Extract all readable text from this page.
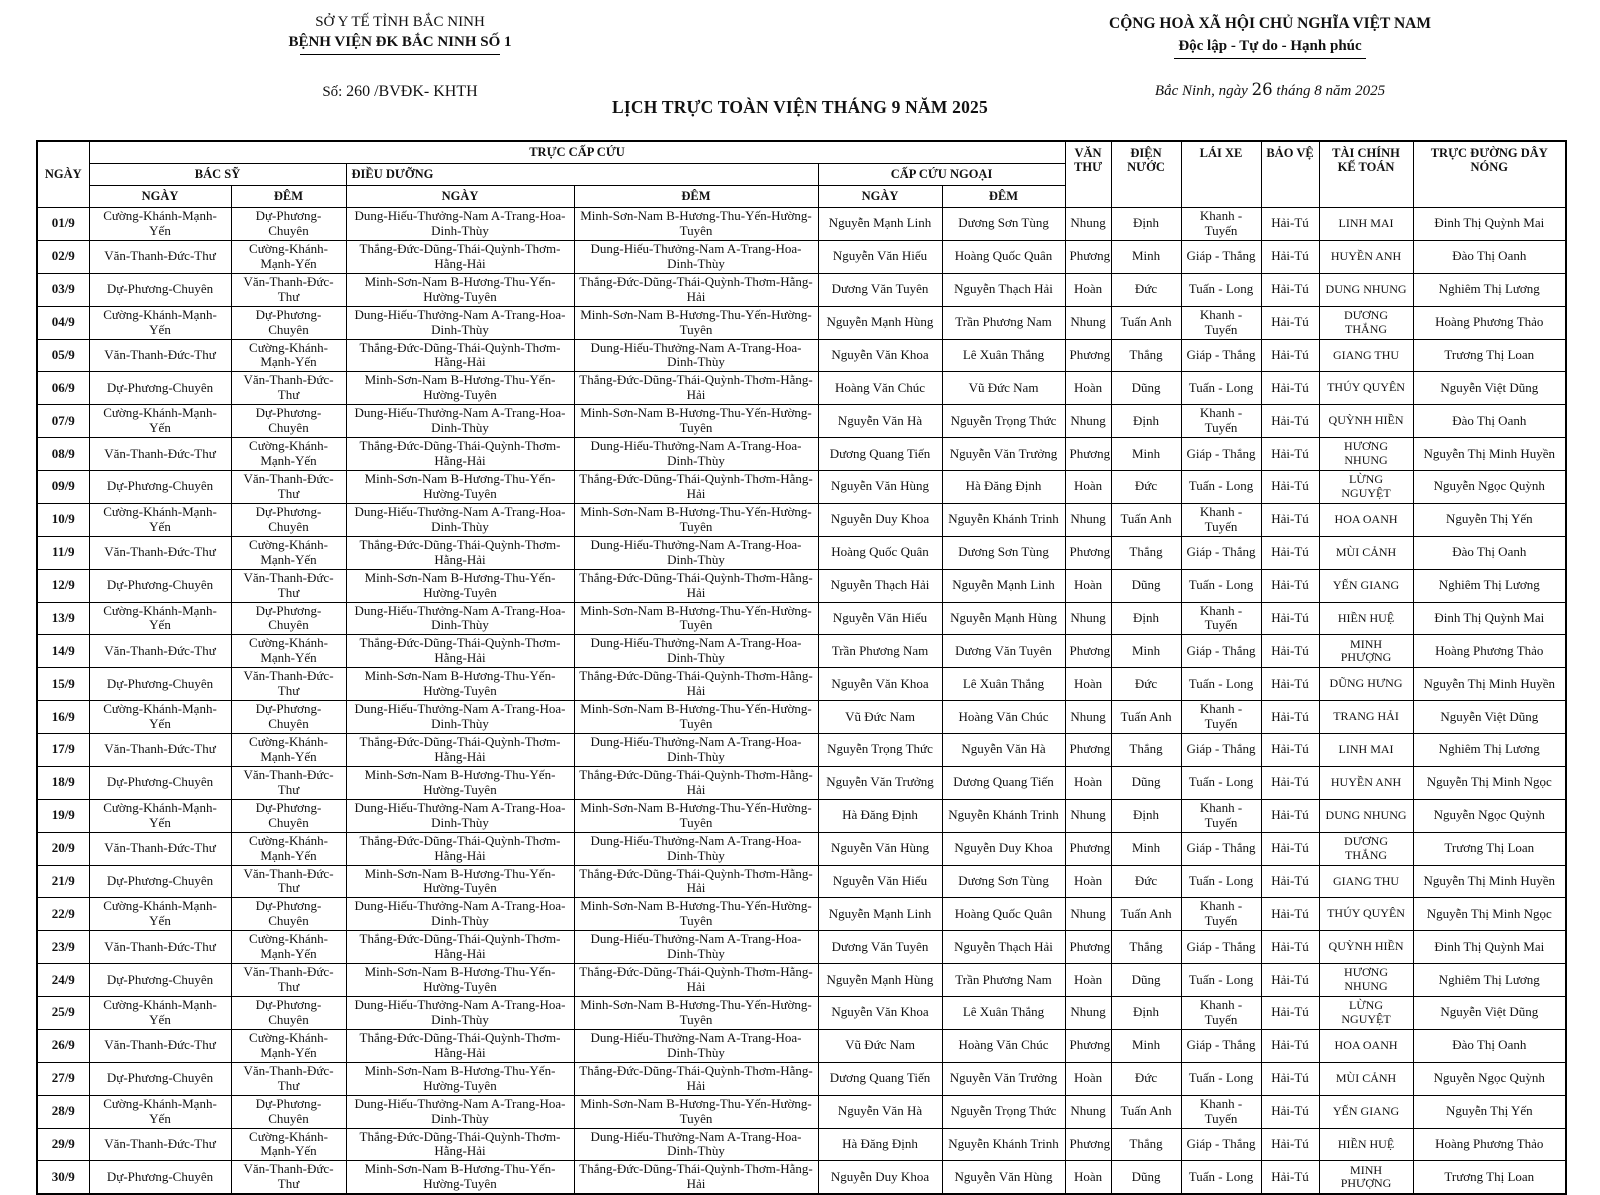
SỞ Y TẾ TỈNH BẮC NINH
BỆNH VIỆN ĐK BẮC NINH SỐ 1
Số: 260 /BVĐK- KHTH
CỘNG HOÀ XÃ HỘI CHỦ NGHĨA VIỆT NAM
Độc lập - Tự do - Hạnh phúc
Bắc Ninh, ngày 26 tháng 8 năm 2025
LỊCH TRỰC TOÀN VIỆN THÁNG 9 NĂM 2025
NGÀY	TRỰC CẤP CỨU						VĂN THƯ	ĐIỆN NƯỚC	LÁI XE	BẢO VỆ	TÀI CHÍNH KẾ TOÁN	TRỰC ĐƯỜNG DÂY NÓNG
	BÁC SỸ		ĐIỀU DƯỠNG		CẤP CỨU NGOẠI							
	NGÀY	ĐÊM	NGÀY	ĐÊM	NGÀY	ĐÊM						
01/9	Cường-Khánh-Mạnh-Yến	Dự-Phương-Chuyên	Dung-Hiếu-Thưởng-Nam A-Trang-Hoa-Dinh-Thùy	Minh-Sơn-Nam B-Hương-Thu-Yến-Hường-Tuyên	Nguyễn Mạnh Linh	Dương Sơn Tùng	Nhung	Định	Khanh - Tuyến	Hải-Tú	LINH MAI	Đinh Thị Quỳnh Mai
02/9	Văn-Thanh-Đức-Thư	Cường-Khánh-Mạnh-Yến	Thắng-Đức-Dũng-Thái-Quỳnh-Thơm-Hằng-Hải	Dung-Hiếu-Thưởng-Nam A-Trang-Hoa-Dinh-Thùy	Nguyễn Văn Hiếu	Hoàng Quốc Quân	Phương	Minh	Giáp - Thắng	Hải-Tú	HUYỀN ANH	Đào Thị Oanh
03/9	Dự-Phương-Chuyên	Văn-Thanh-Đức-Thư	Minh-Sơn-Nam B-Hương-Thu-Yến-Hường-Tuyên	Thắng-Đức-Dũng-Thái-Quỳnh-Thơm-Hằng-Hải	Dương Văn Tuyên	Nguyễn Thạch Hải	Hoàn	Đức	Tuấn - Long	Hải-Tú	DUNG NHUNG	Nghiêm Thị Lương
04/9	Cường-Khánh-Mạnh-Yến	Dự-Phương-Chuyên	Dung-Hiếu-Thưởng-Nam A-Trang-Hoa-Dinh-Thùy	Minh-Sơn-Nam B-Hương-Thu-Yến-Hường-Tuyên	Nguyễn Mạnh Hùng	Trần Phương Nam	Nhung	Tuấn Anh	Khanh - Tuyến	Hải-Tú	DƯƠNG THẮNG	Hoàng Phương Thảo
05/9	Văn-Thanh-Đức-Thư	Cường-Khánh-Mạnh-Yến	Thắng-Đức-Dũng-Thái-Quỳnh-Thơm-Hằng-Hải	Dung-Hiếu-Thưởng-Nam A-Trang-Hoa-Dinh-Thùy	Nguyễn Văn Khoa	Lê Xuân Thắng	Phương	Thắng	Giáp - Thắng	Hải-Tú	GIANG THU	Trương Thị Loan
06/9	Dự-Phương-Chuyên	Văn-Thanh-Đức-Thư	Minh-Sơn-Nam B-Hương-Thu-Yến-Hường-Tuyên	Thắng-Đức-Dũng-Thái-Quỳnh-Thơm-Hằng-Hải	Hoàng Văn Chúc	Vũ Đức Nam	Hoàn	Dũng	Tuấn - Long	Hải-Tú	THÚY QUYÊN	Nguyễn Việt Dũng
07/9	Cường-Khánh-Mạnh-Yến	Dự-Phương-Chuyên	Dung-Hiếu-Thưởng-Nam A-Trang-Hoa-Dinh-Thùy	Minh-Sơn-Nam B-Hương-Thu-Yến-Hường-Tuyên	Nguyễn Văn Hà	Nguyễn Trọng Thức	Nhung	Định	Khanh - Tuyến	Hải-Tú	QUỲNH HIỀN	Đào Thị Oanh
08/9	Văn-Thanh-Đức-Thư	Cường-Khánh-Mạnh-Yến	Thắng-Đức-Dũng-Thái-Quỳnh-Thơm-Hằng-Hải	Dung-Hiếu-Thưởng-Nam A-Trang-Hoa-Dinh-Thùy	Dương Quang Tiến	Nguyễn Văn Trưởng	Phương	Minh	Giáp - Thắng	Hải-Tú	HƯƠNG NHUNG	Nguyễn Thị Minh Huyền
09/9	Dự-Phương-Chuyên	Văn-Thanh-Đức-Thư	Minh-Sơn-Nam B-Hương-Thu-Yến-Hường-Tuyên	Thắng-Đức-Dũng-Thái-Quỳnh-Thơm-Hằng-Hải	Nguyễn Văn Hùng	Hà Đăng Định	Hoàn	Đức	Tuấn - Long	Hải-Tú	LỪNG NGUYỆT	Nguyễn Ngọc Quỳnh
10/9	Cường-Khánh-Mạnh-Yến	Dự-Phương-Chuyên	Dung-Hiếu-Thưởng-Nam A-Trang-Hoa-Dinh-Thùy	Minh-Sơn-Nam B-Hương-Thu-Yến-Hường-Tuyên	Nguyễn Duy Khoa	Nguyễn Khánh Trinh	Nhung	Tuấn Anh	Khanh - Tuyến	Hải-Tú	HOA OANH	Nguyễn Thị Yến
11/9	Văn-Thanh-Đức-Thư	Cường-Khánh-Mạnh-Yến	Thắng-Đức-Dũng-Thái-Quỳnh-Thơm-Hằng-Hải	Dung-Hiếu-Thưởng-Nam A-Trang-Hoa-Dinh-Thùy	Hoàng Quốc Quân	Dương Sơn Tùng	Phương	Thắng	Giáp - Thắng	Hải-Tú	MÙI CẢNH	Đào Thị Oanh
12/9	Dự-Phương-Chuyên	Văn-Thanh-Đức-Thư	Minh-Sơn-Nam B-Hương-Thu-Yến-Hường-Tuyên	Thắng-Đức-Dũng-Thái-Quỳnh-Thơm-Hằng-Hải	Nguyễn Thạch Hải	Nguyễn Mạnh Linh	Hoàn	Dũng	Tuấn - Long	Hải-Tú	YẾN GIANG	Nghiêm Thị Lương
13/9	Cường-Khánh-Mạnh-Yến	Dự-Phương-Chuyên	Dung-Hiếu-Thưởng-Nam A-Trang-Hoa-Dinh-Thùy	Minh-Sơn-Nam B-Hương-Thu-Yến-Hường-Tuyên	Nguyễn Văn Hiếu	Nguyễn Mạnh Hùng	Nhung	Định	Khanh - Tuyến	Hải-Tú	HIỀN HUỆ	Đinh Thị Quỳnh Mai
14/9	Văn-Thanh-Đức-Thư	Cường-Khánh-Mạnh-Yến	Thắng-Đức-Dũng-Thái-Quỳnh-Thơm-Hằng-Hải	Dung-Hiếu-Thưởng-Nam A-Trang-Hoa-Dinh-Thùy	Trần Phương Nam	Dương Văn Tuyên	Phương	Minh	Giáp - Thắng	Hải-Tú	MINH PHƯỢNG	Hoàng Phương Thảo
15/9	Dự-Phương-Chuyên	Văn-Thanh-Đức-Thư	Minh-Sơn-Nam B-Hương-Thu-Yến-Hường-Tuyên	Thắng-Đức-Dũng-Thái-Quỳnh-Thơm-Hằng-Hải	Nguyễn Văn Khoa	Lê Xuân Thắng	Hoàn	Đức	Tuấn - Long	Hải-Tú	DŨNG HƯNG	Nguyễn Thị Minh Huyền
16/9	Cường-Khánh-Mạnh-Yến	Dự-Phương-Chuyên	Dung-Hiếu-Thưởng-Nam A-Trang-Hoa-Dinh-Thùy	Minh-Sơn-Nam B-Hương-Thu-Yến-Hường-Tuyên	Vũ Đức Nam	Hoàng Văn Chúc	Nhung	Tuấn Anh	Khanh - Tuyến	Hải-Tú	TRANG HẢI	Nguyễn Việt Dũng
17/9	Văn-Thanh-Đức-Thư	Cường-Khánh-Mạnh-Yến	Thắng-Đức-Dũng-Thái-Quỳnh-Thơm-Hằng-Hải	Dung-Hiếu-Thưởng-Nam A-Trang-Hoa-Dinh-Thùy	Nguyễn Trọng Thức	Nguyễn Văn Hà	Phương	Thắng	Giáp - Thắng	Hải-Tú	LINH MAI	Nghiêm Thị Lương
18/9	Dự-Phương-Chuyên	Văn-Thanh-Đức-Thư	Minh-Sơn-Nam B-Hương-Thu-Yến-Hường-Tuyên	Thắng-Đức-Dũng-Thái-Quỳnh-Thơm-Hằng-Hải	Nguyễn Văn Trưởng	Dương Quang Tiến	Hoàn	Dũng	Tuấn - Long	Hải-Tú	HUYỀN ANH	Nguyễn Thị Minh Ngọc
19/9	Cường-Khánh-Mạnh-Yến	Dự-Phương-Chuyên	Dung-Hiếu-Thưởng-Nam A-Trang-Hoa-Dinh-Thùy	Minh-Sơn-Nam B-Hương-Thu-Yến-Hường-Tuyên	Hà Đăng Định	Nguyễn Khánh Trinh	Nhung	Định	Khanh - Tuyến	Hải-Tú	DUNG NHUNG	Nguyễn Ngọc Quỳnh
20/9	Văn-Thanh-Đức-Thư	Cường-Khánh-Mạnh-Yến	Thắng-Đức-Dũng-Thái-Quỳnh-Thơm-Hằng-Hải	Dung-Hiếu-Thưởng-Nam A-Trang-Hoa-Dinh-Thùy	Nguyễn Văn Hùng	Nguyễn Duy Khoa	Phương	Minh	Giáp - Thắng	Hải-Tú	DƯƠNG THẮNG	Trương Thị Loan
21/9	Dự-Phương-Chuyên	Văn-Thanh-Đức-Thư	Minh-Sơn-Nam B-Hương-Thu-Yến-Hường-Tuyên	Thắng-Đức-Dũng-Thái-Quỳnh-Thơm-Hằng-Hải	Nguyễn Văn Hiếu	Dương Sơn Tùng	Hoàn	Đức	Tuấn - Long	Hải-Tú	GIANG THU	Nguyễn Thị Minh Huyền
22/9	Cường-Khánh-Mạnh-Yến	Dự-Phương-Chuyên	Dung-Hiếu-Thưởng-Nam A-Trang-Hoa-Dinh-Thùy	Minh-Sơn-Nam B-Hương-Thu-Yến-Hường-Tuyên	Nguyễn Mạnh Linh	Hoàng Quốc Quân	Nhung	Tuấn Anh	Khanh - Tuyến	Hải-Tú	THÚY QUYÊN	Nguyễn Thị Minh Ngọc
23/9	Văn-Thanh-Đức-Thư	Cường-Khánh-Mạnh-Yến	Thắng-Đức-Dũng-Thái-Quỳnh-Thơm-Hằng-Hải	Dung-Hiếu-Thưởng-Nam A-Trang-Hoa-Dinh-Thùy	Dương Văn Tuyên	Nguyễn Thạch Hải	Phương	Thắng	Giáp - Thắng	Hải-Tú	QUỲNH HIỀN	Đinh Thị Quỳnh Mai
24/9	Dự-Phương-Chuyên	Văn-Thanh-Đức-Thư	Minh-Sơn-Nam B-Hương-Thu-Yến-Hường-Tuyên	Thắng-Đức-Dũng-Thái-Quỳnh-Thơm-Hằng-Hải	Nguyễn Mạnh Hùng	Trần Phương Nam	Hoàn	Dũng	Tuấn - Long	Hải-Tú	HƯƠNG NHUNG	Nghiêm Thị Lương
25/9	Cường-Khánh-Mạnh-Yến	Dự-Phương-Chuyên	Dung-Hiếu-Thưởng-Nam A-Trang-Hoa-Dinh-Thùy	Minh-Sơn-Nam B-Hương-Thu-Yến-Hường-Tuyên	Nguyễn Văn Khoa	Lê Xuân Thắng	Nhung	Định	Khanh - Tuyến	Hải-Tú	LỪNG NGUYỆT	Nguyễn Việt Dũng
26/9	Văn-Thanh-Đức-Thư	Cường-Khánh-Mạnh-Yến	Thắng-Đức-Dũng-Thái-Quỳnh-Thơm-Hằng-Hải	Dung-Hiếu-Thưởng-Nam A-Trang-Hoa-Dinh-Thùy	Vũ Đức Nam	Hoàng Văn Chúc	Phương	Minh	Giáp - Thắng	Hải-Tú	HOA OANH	Đào Thị Oanh
27/9	Dự-Phương-Chuyên	Văn-Thanh-Đức-Thư	Minh-Sơn-Nam B-Hương-Thu-Yến-Hường-Tuyên	Thắng-Đức-Dũng-Thái-Quỳnh-Thơm-Hằng-Hải	Dương Quang Tiến	Nguyễn Văn Trưởng	Hoàn	Đức	Tuấn - Long	Hải-Tú	MÙI CẢNH	Nguyễn Ngọc Quỳnh
28/9	Cường-Khánh-Mạnh-Yến	Dự-Phương-Chuyên	Dung-Hiếu-Thưởng-Nam A-Trang-Hoa-Dinh-Thùy	Minh-Sơn-Nam B-Hương-Thu-Yến-Hường-Tuyên	Nguyễn Văn Hà	Nguyễn Trọng Thức	Nhung	Tuấn Anh	Khanh - Tuyến	Hải-Tú	YẾN GIANG	Nguyễn Thị Yến
29/9	Văn-Thanh-Đức-Thư	Cường-Khánh-Mạnh-Yến	Thắng-Đức-Dũng-Thái-Quỳnh-Thơm-Hằng-Hải	Dung-Hiếu-Thưởng-Nam A-Trang-Hoa-Dinh-Thùy	Hà Đăng Định	Nguyễn Khánh Trinh	Phương	Thắng	Giáp - Thắng	Hải-Tú	HIỀN HUỆ	Hoàng Phương Thảo
30/9	Dự-Phương-Chuyên	Văn-Thanh-Đức-Thư	Minh-Sơn-Nam B-Hương-Thu-Yến-Hường-Tuyên	Thắng-Đức-Dũng-Thái-Quỳnh-Thơm-Hằng-Hải	Nguyễn Duy Khoa	Nguyễn Văn Hùng	Hoàn	Dũng	Tuấn - Long	Hải-Tú	MINH PHƯỢNG	Trương Thị Loan
